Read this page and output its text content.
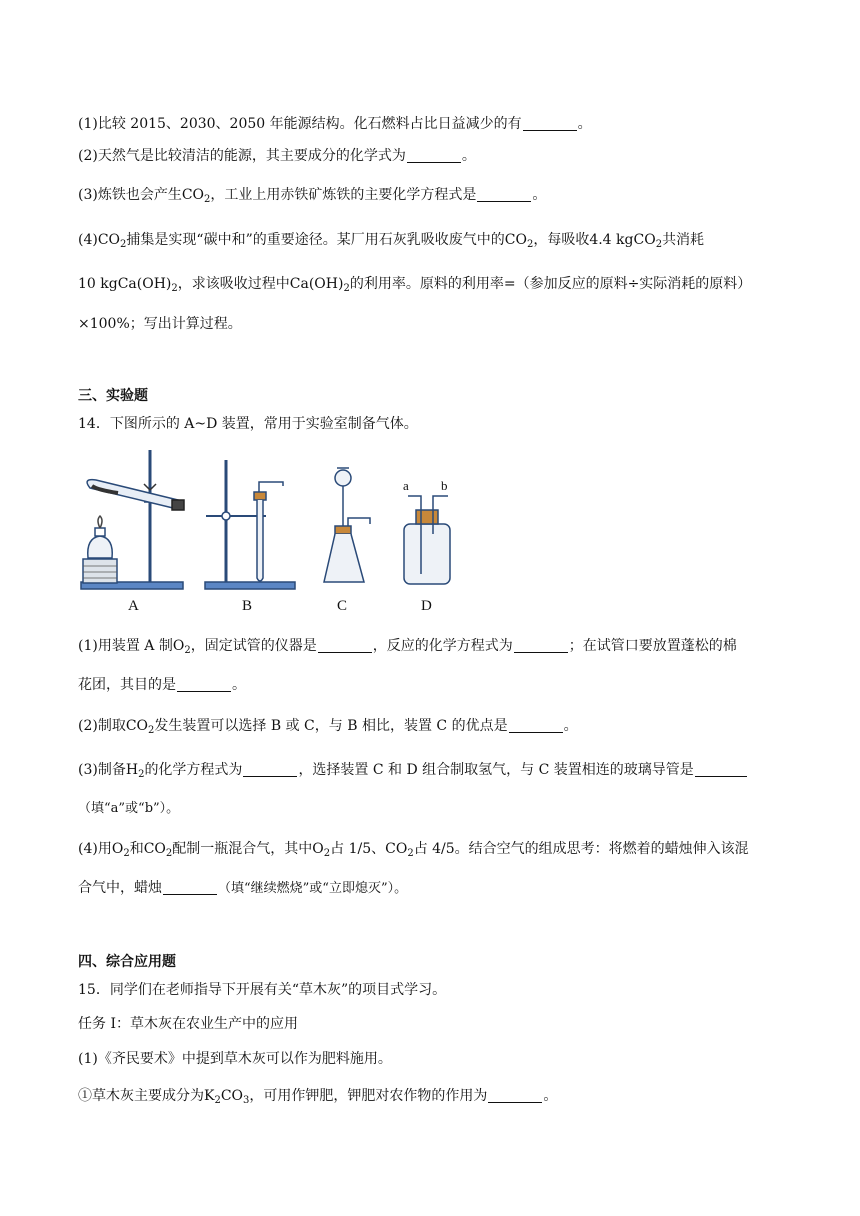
(1)比较 2015、2030、2050 年能源结构。化石燃料占比日益减少的有	。
(2)天然气是比较清洁的能源，其主要成分的化学式为	。
(3)炼铁也会产生$CO_2$，工业上用赤铁矿炼铁的主要化学方程式是	。
$(4)CO_2$捕集是实现“碳中和”的重要途径。某厂用石灰乳吸收废气中的$CO_2$，每吸收4.4 kgCO$_2$共消耗
10 $kgCa(OH)_2$，求该吸收过程中$Ca(OH)_2$的利用率。原料的利用率=（参加反应的原料÷实际消耗的原料）
×100%；写出计算过程。
三、实验题
14．下图所示的 A~D 装置，常用于实验室制备气体。
a b
A	B	C	D
(1)用装置 A 制$O_2$，固定试管的仪器是	，反应的化学方程式为	；在试管口要放置蓬松的棉
花团，其目的是	。
(2)制取$CO_2$发生装置可以选择 B 或 C，与 B 相比，装置 C 的优点是	。
(3)制备$H_2$的化学方程式为	，选择装置 C 和 D 组合制取氢气，与 C 装置相连的玻璃导管是
（填“a”或“b”）。
(4)用$O_2$和$CO_2$配制一瓶混合气，其中$O_2$占 1/5、$CO_2$占 4/5。结合空气的组成思考：将燃着的蜡烛伸入该混
合气中，蜡烛	（填“继续燃烧”或“立即熄灭”）。
四、综合应用题
15．同学们在老师指导下开展有关“草木灰”的项目式学习。
任务 I：草木灰在农业生产中的应用
(1)《齐民要术》中提到草木灰可以作为肥料施用。
①草木灰主要成分为$K_2CO_3$，可用作钾肥，钾肥对农作物的作用为	。
